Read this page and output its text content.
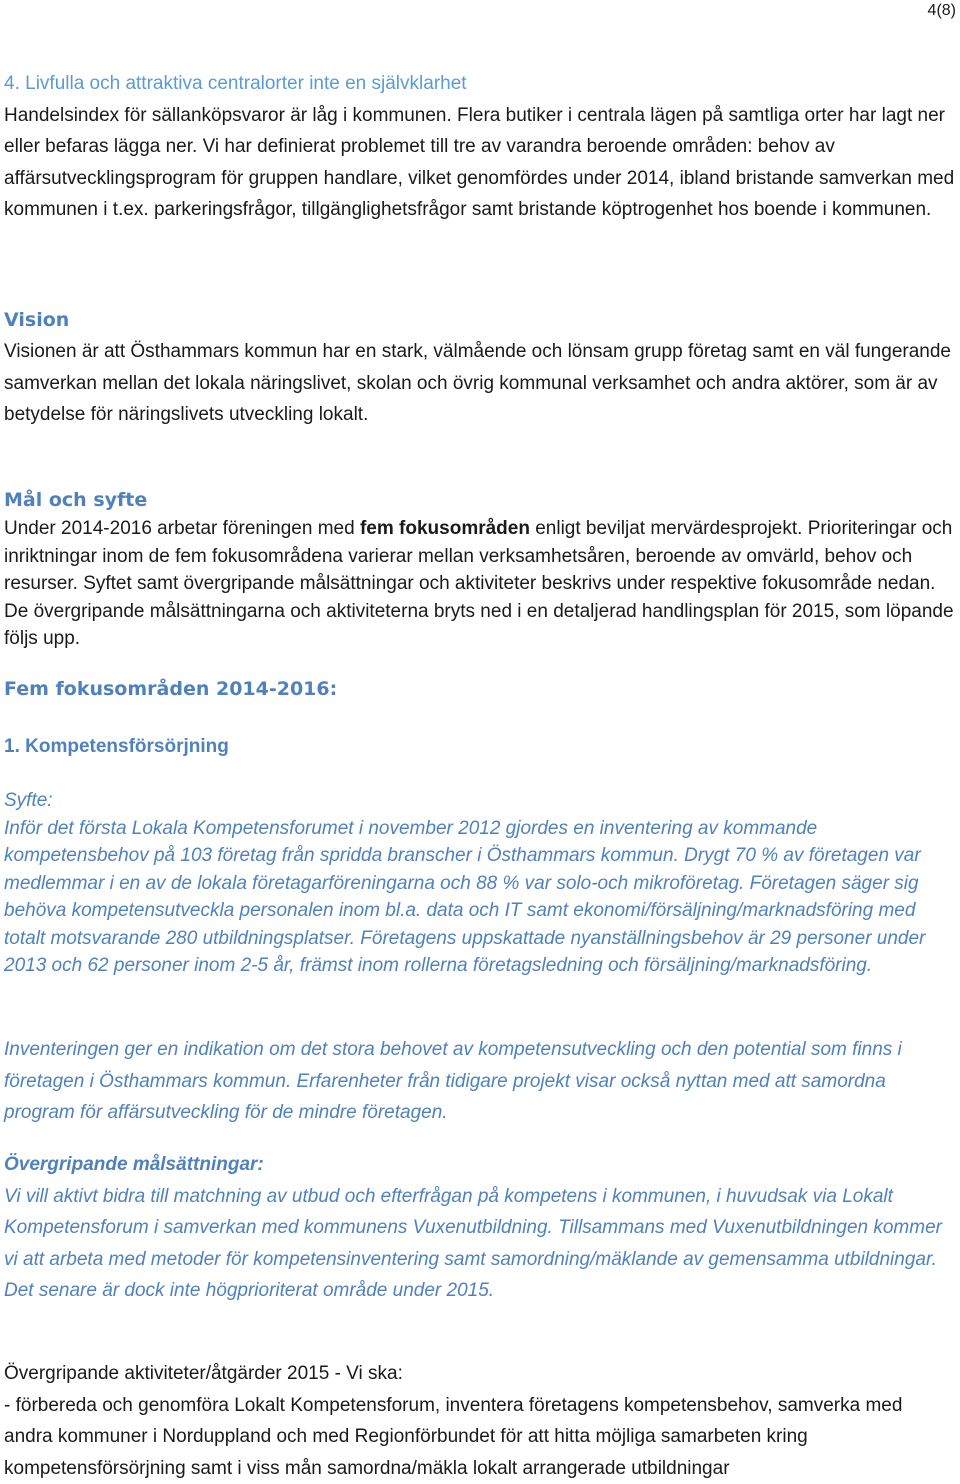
4(8)

4. Livfulla och attraktiva centralorter inte en självklarhet

Handelsindex för sällanköpsvaror är låg i kommunen. Flera butiker i centrala lägen på samtliga orter har lagt ner eller befaras lägga ner. Vi har definierat problemet till tre av varandra beroende områden: behov av affärsutvecklingsprogram för gruppen handlare, vilket genomfördes under 2014, ibland bristande samverkan med kommunen i t.ex. parkeringsfrågor, tillgänglighetsfrågor samt bristande köptrogenhet hos boende i kommunen.

Vision

Visionen är att Östhammars kommun har en stark, välmående och lönsam grupp företag samt en väl fungerande samverkan mellan det lokala näringslivet, skolan och övrig kommunal verksamhet och andra aktörer, som är av betydelse för näringslivets utveckling lokalt.

Mål och syfte

Under 2014-2016 arbetar föreningen med fem fokusområden enligt beviljat mervärdesprojekt. Prioriteringar och inriktningar inom de fem fokusområdena varierar mellan verksamhetsåren, beroende av omvärld, behov och resurser. Syftet samt övergripande målsättningar och aktiviteter beskrivs under respektive fokusområde nedan. De övergripande målsättningarna och aktiviteterna bryts ned i en detaljerad handlingsplan för 2015, som löpande följs upp.

Fem fokusområden 2014-2016:

1. Kompetensförsörjning

Syfte:

Inför det första Lokala Kompetensforumet i november 2012 gjordes en inventering av kommande kompetensbehov på 103 företag från spridda branscher i Östhammars kommun. Drygt 70 % av företagen var medlemmar i en av de lokala företagarföreningarna och 88 % var solo-och mikroföretag. Företagen säger sig behöva kompetensutveckla personalen inom bl.a. data och IT samt ekonomi/försäljning/marknadsföring med totalt motsvarande 280 utbildningsplatser. Företagens uppskattade nyanställningsbehov är 29 personer under 2013 och 62 personer inom 2-5 år, främst inom rollerna företagsledning och försäljning/marknadsföring.

Inventeringen ger en indikation om det stora behovet av kompetensutveckling och den potential som finns i företagen i Östhammars kommun. Erfarenheter från tidigare projekt visar också nyttan med att samordna program för affärsutveckling för de mindre företagen.

Övergripande målsättningar:

Vi vill aktivt bidra till matchning av utbud och efterfrågan på kompetens i kommunen, i huvudsak via Lokalt Kompetensforum i samverkan med kommunens Vuxenutbildning. Tillsammans med Vuxenutbildningen kommer vi att arbeta med metoder för kompetensinventering samt samordning/mäklande av gemensamma utbildningar. Det senare är dock inte högprioriterat område under 2015.

Övergripande aktiviteter/åtgärder 2015 - Vi ska:

- förbereda och genomföra Lokalt Kompetensforum, inventera företagens kompetensbehov, samverka med andra kommuner i Norduppland och med Regionförbundet för att hitta möjliga samarbeten kring kompetensförsörjning samt i viss mån samordna/mäkla lokalt arrangerade utbildningar
